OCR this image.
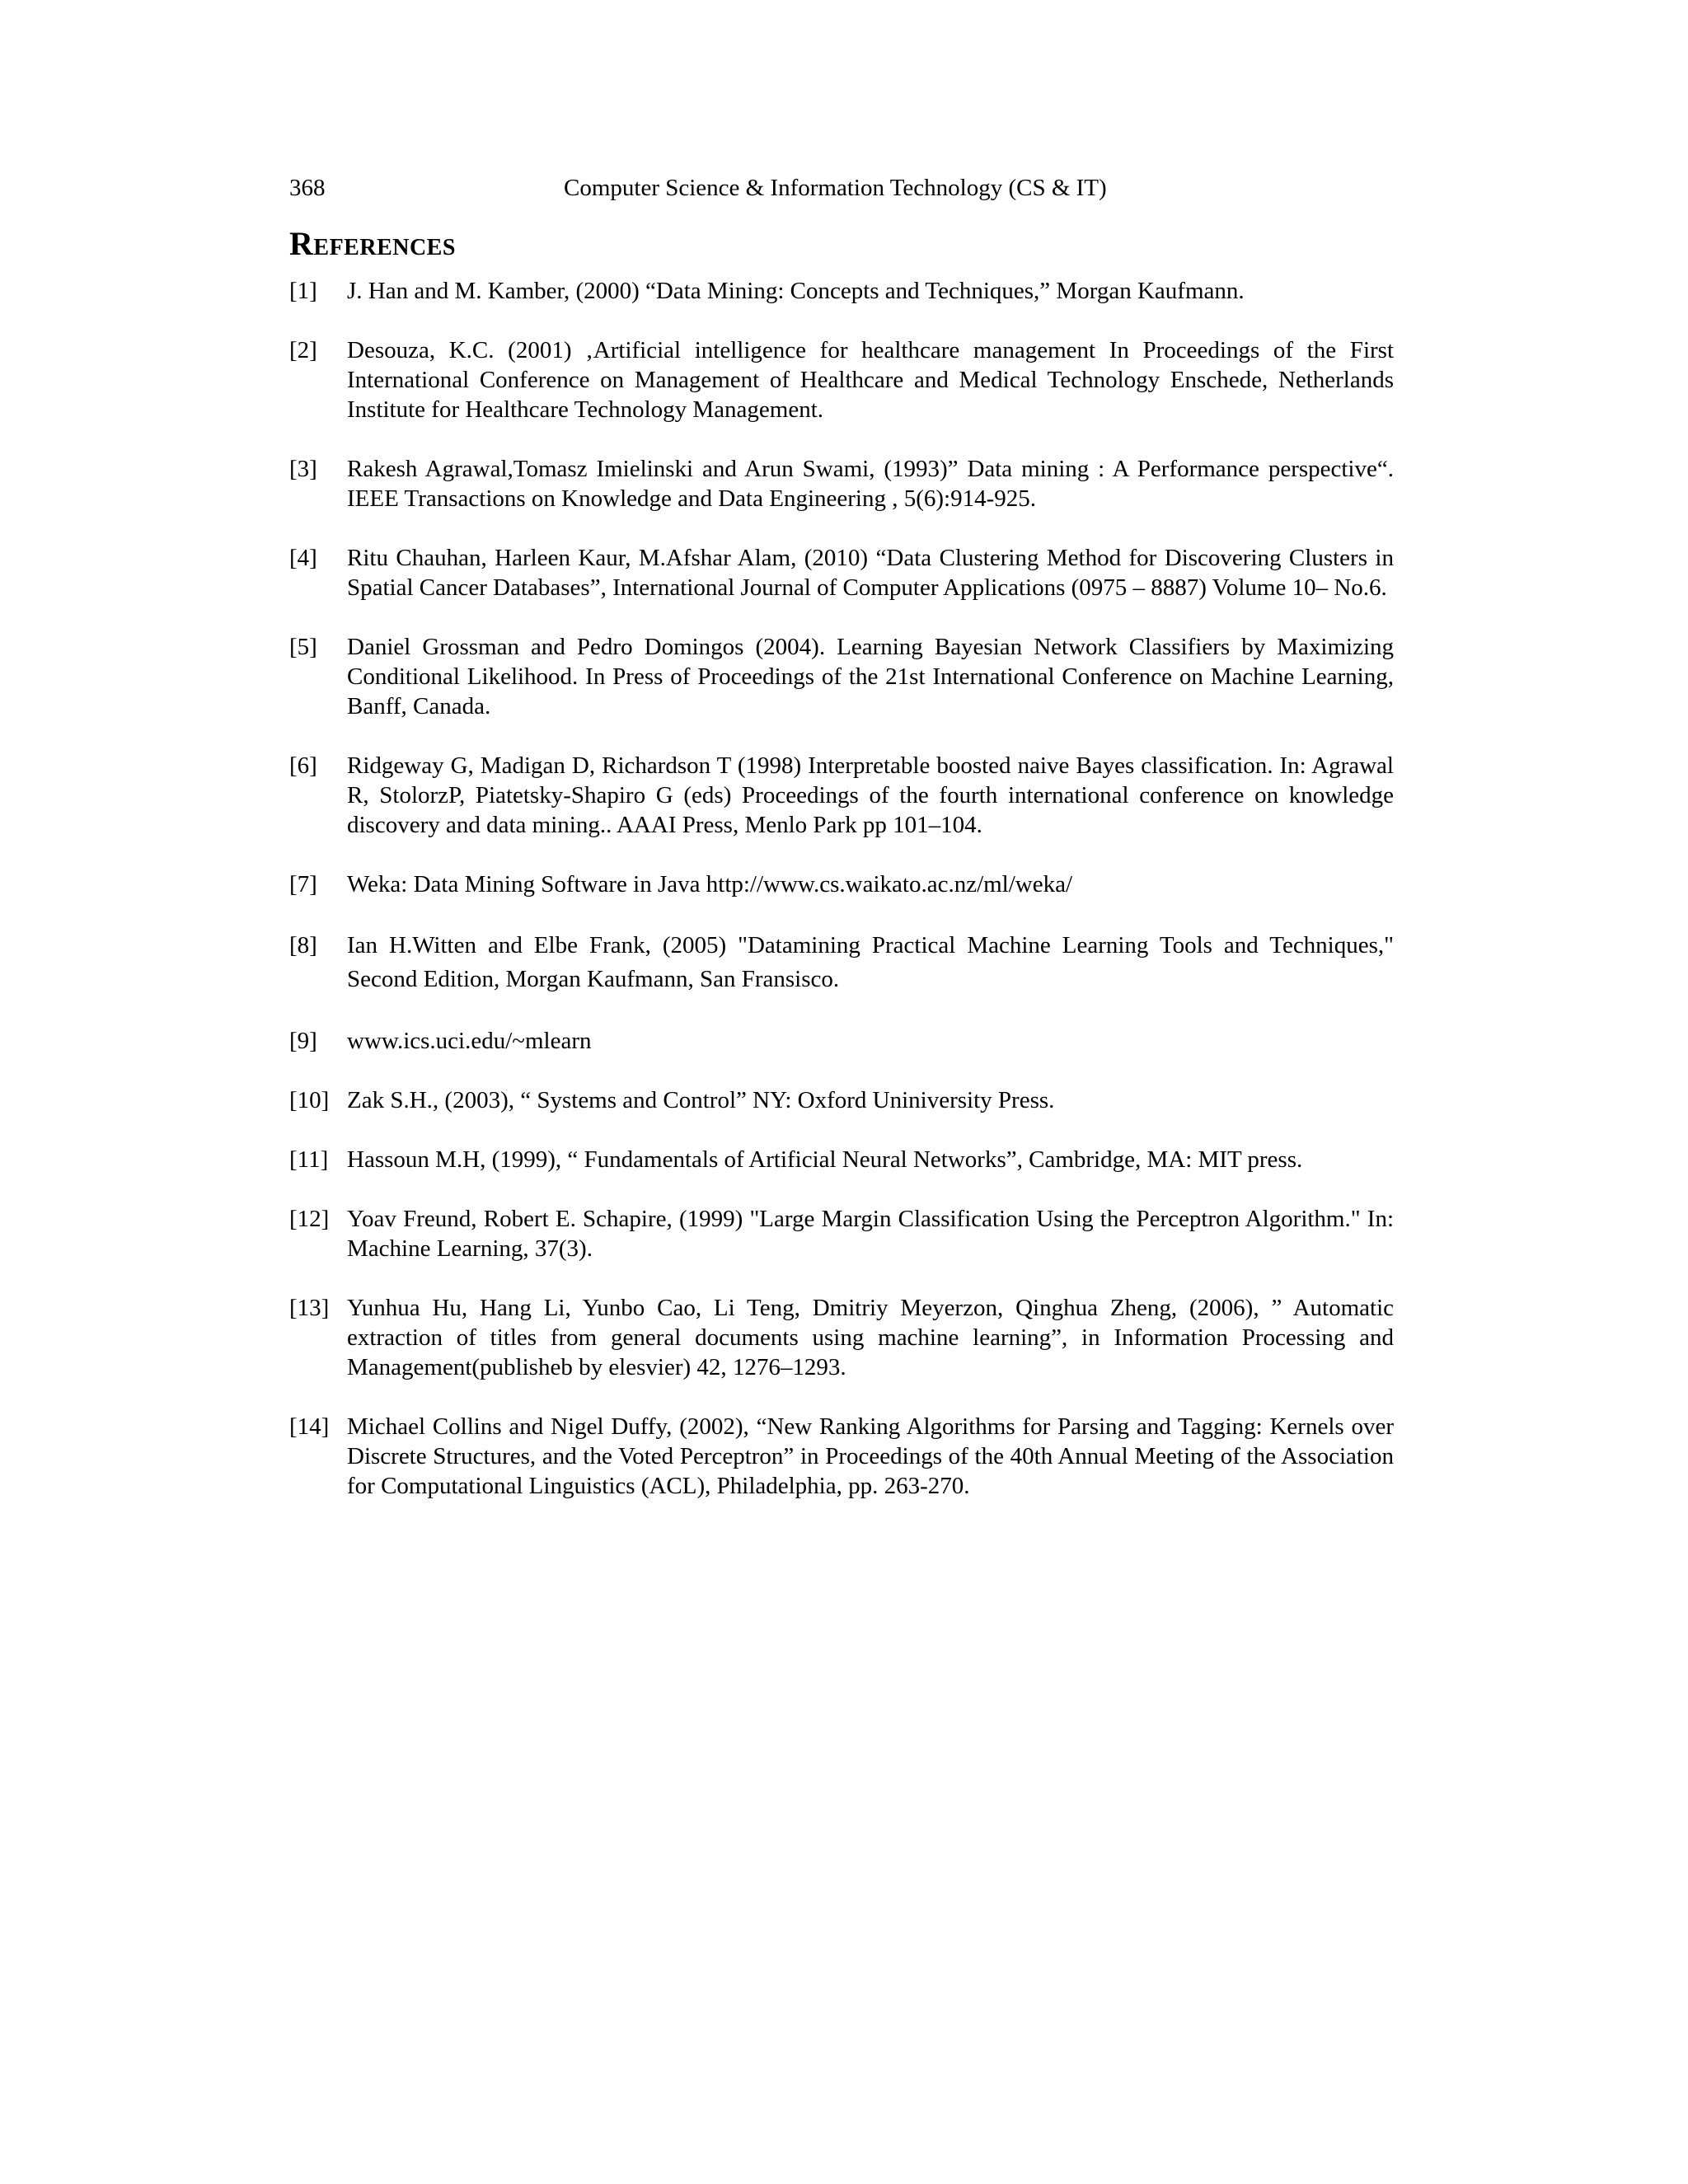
368	Computer Science & Information Technology (CS & IT)
References
[1] J. Han and M. Kamber, (2000) “Data Mining: Concepts and Techniques,” Morgan Kaufmann.
[2] Desouza, K.C. (2001) ‚Artificial intelligence for healthcare management In Proceedings of the First International Conference on Management of Healthcare and Medical Technology Enschede, Netherlands Institute for Healthcare Technology Management.
[3] Rakesh Agrawal,Tomasz Imielinski and Arun Swami, (1993)” Data mining : A Performance perspective“. IEEE Transactions on Knowledge and Data Engineering , 5(6):914-925.
[4] Ritu Chauhan, Harleen Kaur, M.Afshar Alam, (2010) “Data Clustering Method for Discovering Clusters in Spatial Cancer Databases”, International Journal of Computer Applications (0975 – 8887) Volume 10– No.6.
[5] Daniel Grossman and Pedro Domingos (2004). Learning Bayesian Network Classifiers by Maximizing Conditional Likelihood. In Press of Proceedings of the 21st International Conference on Machine Learning, Banff, Canada.
[6] Ridgeway G, Madigan D, Richardson T (1998) Interpretable boosted naive Bayes classification. In: Agrawal R, StolorzP, Piatetsky-Shapiro G (eds) Proceedings of the fourth international conference on knowledge discovery and data mining.. AAAI Press, Menlo Park pp 101–104.
[7] Weka: Data Mining Software in Java http://www.cs.waikato.ac.nz/ml/weka/
[8] Ian H.Witten and Elbe Frank, (2005) "Datamining Practical Machine Learning Tools and Techniques," Second Edition, Morgan Kaufmann, San Fransisco.
[9] www.ics.uci.edu/~mlearn
[10] Zak S.H., (2003), “ Systems and Control” NY: Oxford Uniniversity Press.
[11] Hassoun M.H, (1999), “ Fundamentals of Artificial Neural Networks”, Cambridge, MA: MIT press.
[12] Yoav Freund, Robert E. Schapire, (1999) "Large Margin Classification Using the Perceptron Algorithm." In: Machine Learning, 37(3).
[13] Yunhua Hu, Hang Li, Yunbo Cao, Li Teng, Dmitriy Meyerzon, Qinghua Zheng, (2006), ” Automatic extraction of titles from general documents using machine learning”, in Information Processing and Management(publisheb by elesvier) 42, 1276–1293.
[14] Michael Collins and Nigel Duffy, (2002), “New Ranking Algorithms for Parsing and Tagging: Kernels over Discrete Structures, and the Voted Perceptron” in Proceedings of the 40th Annual Meeting of the Association for Computational Linguistics (ACL), Philadelphia, pp. 263-270.
